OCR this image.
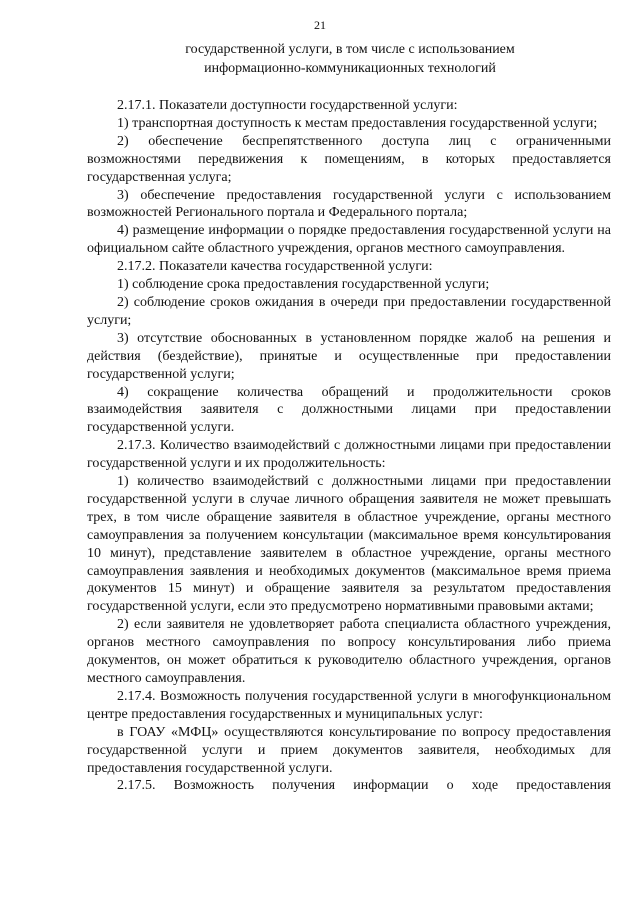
21
государственной услуги, в том числе с использованием
информационно-коммуникационных технологий

2.17.1. Показатели доступности государственной услуги:

1) транспортная доступность к местам предоставления государственной услуги;

2) обеспечение беспрепятственного доступа лиц с ограниченными возможностями передвижения к помещениям, в которых предоставляется государственная услуга;

3) обеспечение предоставления государственной услуги с использованием возможностей Регионального портала и Федерального портала;

4) размещение информации о порядке предоставления государственной услуги на официальном сайте областного учреждения, органов местного самоуправления.

2.17.2. Показатели качества государственной услуги:

1) соблюдение срока предоставления государственной услуги;

2) соблюдение сроков ожидания в очереди при предоставлении государственной услуги;

3) отсутствие обоснованных в установленном порядке жалоб на решения и действия (бездействие), принятые и осуществленные при предоставлении государственной услуги;

4) сокращение количества обращений и продолжительности сроков взаимодействия заявителя с должностными лицами при предоставлении государственной услуги.

2.17.3. Количество взаимодействий с должностными лицами при предоставлении государственной услуги и их продолжительность:

1) количество взаимодействий с должностными лицами при предоставлении государственной услуги в случае личного обращения заявителя не может превышать трех, в том числе обращение заявителя в областное учреждение, органы местного самоуправления за получением консультации (максимальное время консультирования 10 минут), представление заявителем в областное учреждение, органы местного самоуправления заявления и необходимых документов (максимальное время приема документов 15 минут) и обращение заявителя за результатом предоставления государственной услуги, если это предусмотрено нормативными правовыми актами;

2) если заявителя не удовлетворяет работа специалиста областного учреждения, органов местного самоуправления по вопросу консультирования либо приема документов, он может обратиться к руководителю областного учреждения, органов местного самоуправления.

2.17.4. Возможность получения государственной услуги в многофункциональном центре предоставления государственных и муниципальных услуг:

в ГОАУ «МФЦ» осуществляются консультирование по вопросу предоставления государственной услуги и прием документов заявителя, необходимых для предоставления государственной услуги.

2.17.5. Возможность получения информации о ходе предоставления
